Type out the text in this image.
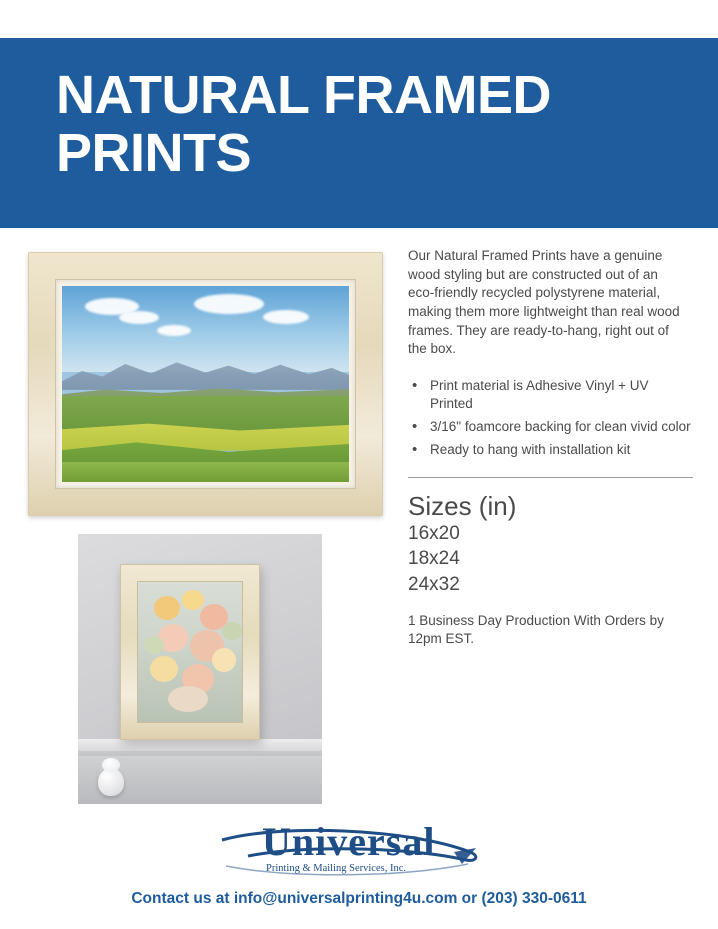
NATURAL FRAMED PRINTS

Our Natural Framed Prints have a genuine wood styling but are constructed out of an eco-friendly recycled polystyrene material, making them more lightweight than real wood frames. They are ready-to-hang, right out of the box.

• Print material is Adhesive Vinyl + UV Printed
• 3/16" foamcore backing for clean vivid color
• Ready to hang with installation kit
Sizes (in)
16x20
18x24
24x32

1 Business Day Production With Orders by 12pm EST.

Universal
Printing & Mailing Services, Inc.
Contact us at info@universalprinting4u.com or (203) 330-0611
